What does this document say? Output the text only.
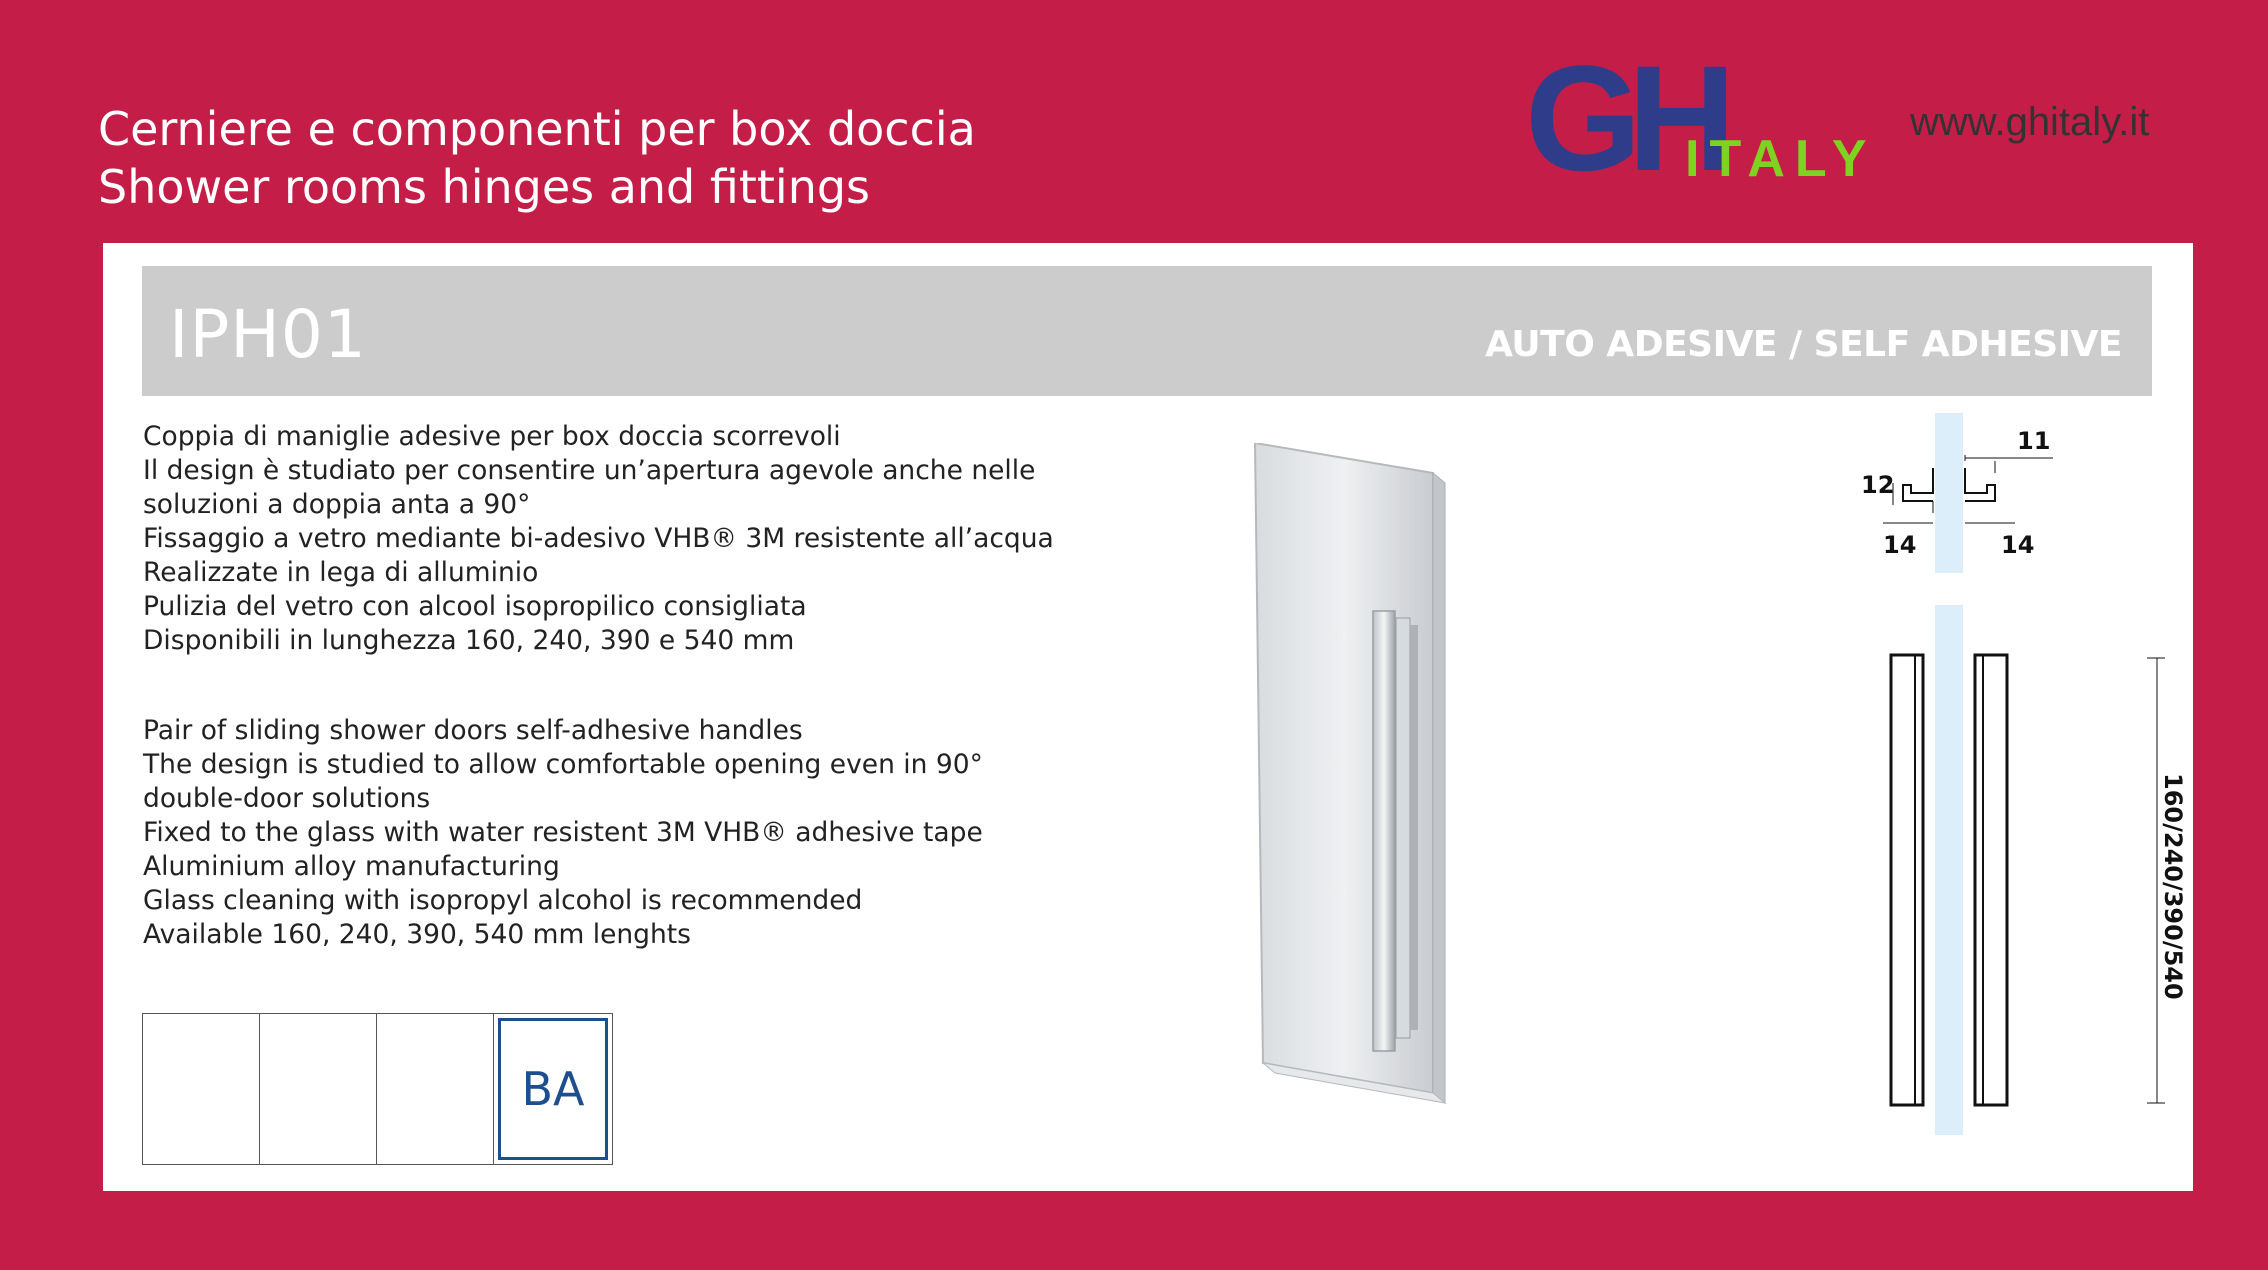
Cerniere e componenti per box doccia
Shower rooms hinges and fittings	GH
ITALY
www.ghitaly.it
IPH01	AUTO ADESIVE / SELF ADHESIVE
Coppia di maniglie adesive per box doccia scorrevoli
Il design è studiato per consentire un’apertura agevole anche nelle
soluzioni a doppia anta a 90°
Fissaggio a vetro mediante bi-adesivo VHB® 3M resistente all’acqua
Realizzate in lega di alluminio
Pulizia del vetro con alcool isopropilico consigliata
Disponibili in lunghezza 160, 240, 390 e 540 mm
Pair of sliding shower doors self-adhesive handles
The design is studied to allow comfortable opening even in 90°
double-door solutions
Fixed to the glass with water resistent 3M VHB® adhesive tape
Aluminium alloy manufacturing
Glass cleaning with isopropyl alcohol is recommended
Available 160, 240, 390, 540 mm lenghts
BA
11
12
14	14
160/240/390/540
